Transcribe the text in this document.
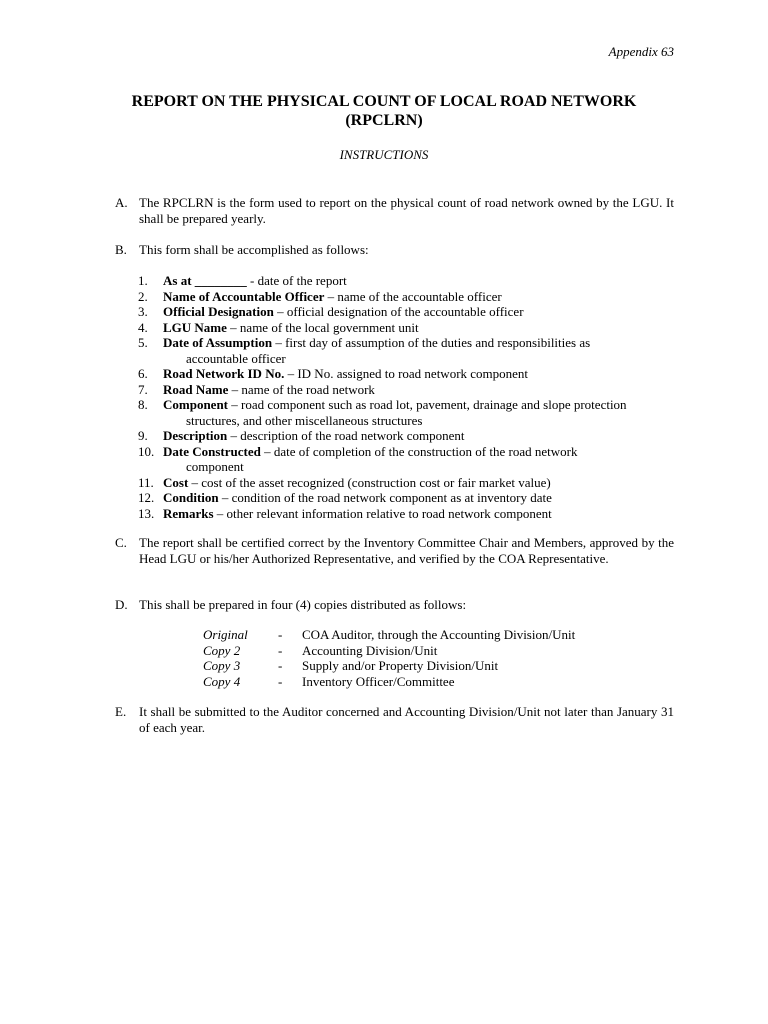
Appendix 63
REPORT ON THE PHYSICAL COUNT OF LOCAL ROAD NETWORK
(RPCLRN)
INSTRUCTIONS
A. The RPCLRN is the form used to report on the physical count of road network owned by the LGU. It shall be prepared yearly.
B. This form shall be accomplished as follows:
1. As at ________ - date of the report
2. Name of Accountable Officer – name of the accountable officer
3. Official Designation – official designation of the accountable officer
4. LGU Name – name of the local government unit
5. Date of Assumption – first day of assumption of the duties and responsibilities as
accountable officer
6. Road Network ID No. – ID No. assigned to road network component
7. Road Name – name of the road network
8. Component – road component such as road lot, pavement, drainage and slope protection
structures, and other miscellaneous structures
9. Description – description of the road network component
10. Date Constructed – date of completion of the construction of the road network
component
11. Cost – cost of the asset recognized (construction cost or fair market value)
12. Condition – condition of the road network component as at inventory date
13. Remarks – other relevant information relative to road network component
C. The report shall be certified correct by the Inventory Committee Chair and Members, approved by the Head LGU or his/her Authorized Representative, and verified by the COA Representative.
D. This shall be prepared in four (4) copies distributed as follows:
Original	-	COA Auditor, through the Accounting Division/Unit
Copy 2	-	Accounting Division/Unit
Copy 3	-	Supply and/or Property Division/Unit
Copy 4	-	Inventory Officer/Committee
E. It shall be submitted to the Auditor concerned and Accounting Division/Unit not later than January 31 of each year.
